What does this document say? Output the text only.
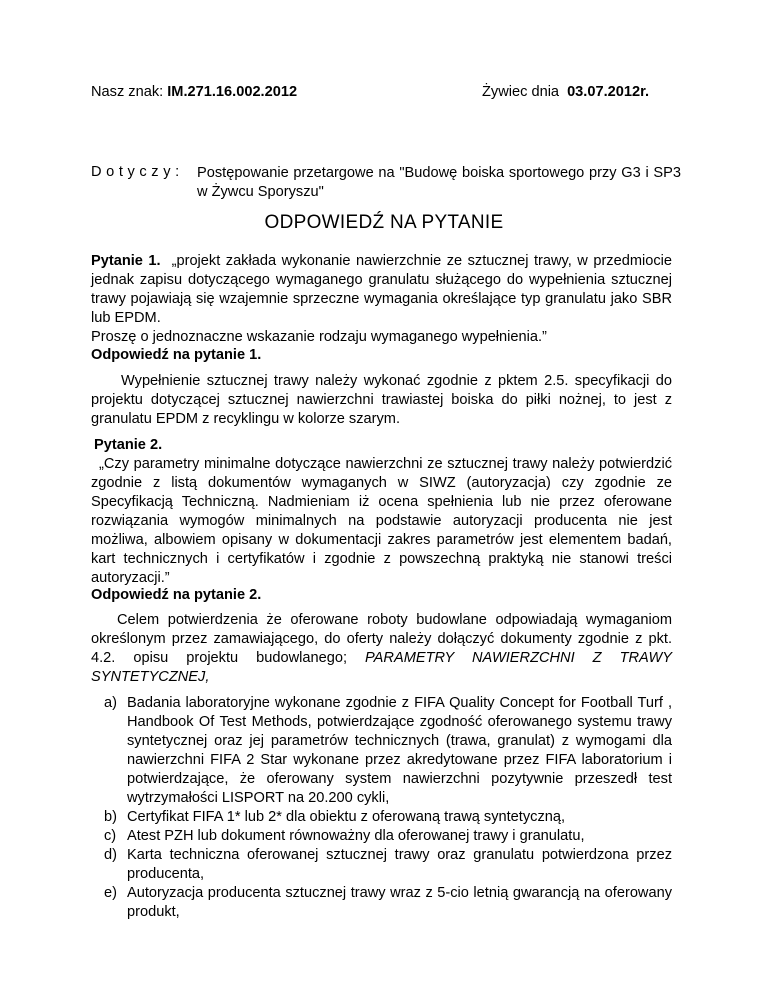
Nasz znak: IM.271.16.002.2012	Żywiec dnia 03.07.2012r.
Dotyczy: Postępowanie przetargowe na "Budowę boiska sportowego przy G3 i SP3 w Żywcu Sporyszu"
ODPOWIEDŹ NA PYTANIE
Pytanie 1. „projekt zakłada wykonanie nawierzchnie ze sztucznej trawy, w przedmiocie jednak zapisu dotyczącego wymaganego granulatu służącego do wypełnienia sztucznej trawy pojawiają się wzajemnie sprzeczne wymagania określające typ granulatu jako SBR lub EPDM.
Proszę o jednoznaczne wskazanie rodzaju wymaganego wypełnienia.”
Odpowiedź na pytanie 1.
Wypełnienie sztucznej trawy należy wykonać zgodnie z pktem 2.5. specyfikacji do projektu dotyczącej sztucznej nawierzchni trawiastej boiska do piłki nożnej, to jest z granulatu EPDM z recyklingu w kolorze szarym.
Pytanie 2.
„Czy parametry minimalne dotyczące nawierzchni ze sztucznej trawy należy potwierdzić zgodnie z listą dokumentów wymaganych w SIWZ (autoryzacja) czy zgodnie ze Specyfikacją Techniczną. Nadmieniam iż ocena spełnienia lub nie przez oferowane rozwiązania wymogów minimalnych na podstawie autoryzacji producenta nie jest możliwa, albowiem opisany w dokumentacji zakres parametrów jest elementem badań, kart technicznych i certyfikatów i zgodnie z powszechną praktyką nie stanowi treści autoryzacji.”
Odpowiedź na pytanie 2.
Celem potwierdzenia że oferowane roboty budowlane odpowiadają wymaganiom określonym przez zamawiającego, do oferty należy dołączyć dokumenty zgodnie z pkt. 4.2. opisu projektu budowlanego; PARAMETRY NAWIERZCHNI Z TRAWY SYNTETYCZNEJ,
a) Badania laboratoryjne wykonane zgodnie z FIFA Quality Concept for Football Turf , Handbook Of Test Methods, potwierdzające zgodność oferowanego systemu trawy syntetycznej oraz jej parametrów technicznych (trawa, granulat) z wymogami dla nawierzchni FIFA 2 Star wykonane przez akredytowane przez FIFA laboratorium i potwierdzające, że oferowany system nawierzchni pozytywnie przeszedł test wytrzymałości LISPORT na 20.200 cykli,
b) Certyfikat FIFA 1* lub 2* dla obiektu z oferowaną trawą syntetyczną,
c) Atest PZH lub dokument równoważny dla oferowanej trawy i granulatu,
d) Karta techniczna oferowanej sztucznej trawy oraz granulatu potwierdzona przez producenta,
e) Autoryzacja producenta sztucznej trawy wraz z 5-cio letnią gwarancją na oferowany produkt,
